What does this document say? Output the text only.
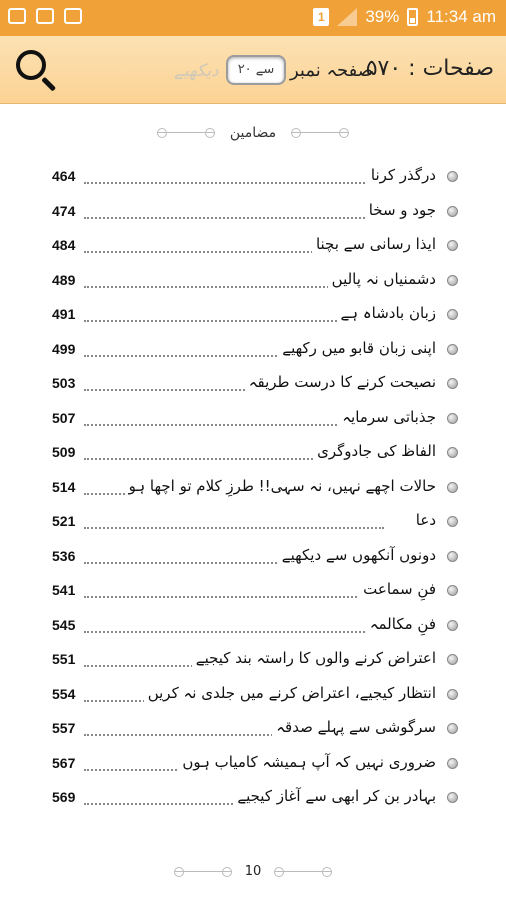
1 39% 11:34 am
دیکھیے	۲۰ سے صفحہ نمبر
صفحات : ۵۷۰
مضامین
464	درگذر کرنا
474	جود و سخا
484	ایذا رسانی سے بچنا
489	دشمنیاں نہ پالیں
491	زبان بادشاہ ہے
499	اپنی زبان قابو میں رکھیے
503	نصیحت کرنے کا درست طریقہ
507	جذباتی سرمایہ
509	الفاظ کی جادوگری
514	حالات اچھے نہیں، نہ سہی!! طرزِ کلام تو اچھا ہو
521	دعا
536	دونوں آنکھوں سے دیکھیے
541	فنِ سماعت
545	فنِ مکالمہ
551	اعتراض کرنے والوں کا راستہ بند کیجیے
554	انتظار کیجیے، اعتراض کرنے میں جلدی نہ کریں
557	سرگوشی سے پہلے صدقہ
567	ضروری نہیں کہ آپ ہمیشہ کامیاب ہوں
569	بہادر بن کر ابھی سے آغاز کیجیے
10
